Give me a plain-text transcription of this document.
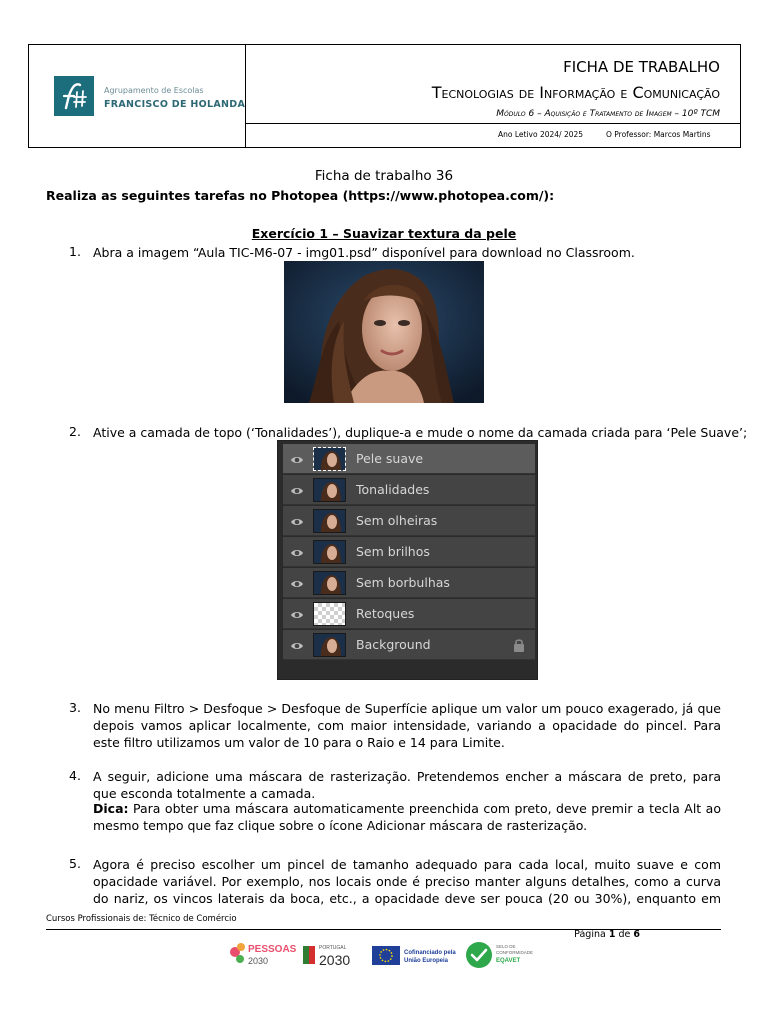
Agrupamento de Escolas
FRANCISCO DE HOLANDA
FICHA DE TRABALHO
Tecnologias de Informação e Comunicação
Módulo 6 – Aquisição e Tratamento de Imagem – 10º TCM
Ano Letivo 2024/ 2025	O Professor: Marcos Martins
Ficha de trabalho 36
Realiza as seguintes tarefas no Photopea (https://www.photopea.com/):
Exercício 1 – Suavizar textura da pele
1. Abra a imagem “Aula TIC-M6-07 - img01.psd” disponível para download no Classroom.
2. Ative a camada de topo (‘Tonalidades’), duplique-a e mude o nome da camada criada para ‘Pele Suave’;
Pele suave
Tonalidades
Sem olheiras
Sem brilhos
Sem borbulhas
Retoques
Background
3. No menu Filtro > Desfoque > Desfoque de Superfície aplique um valor um pouco exagerado, já que depois vamos aplicar localmente, com maior intensidade, variando a opacidade do pincel. Para este filtro utilizamos um valor de 10 para o Raio e 14 para Limite.
4. A seguir, adicione uma máscara de rasterização. Pretendemos encher a máscara de preto, para que esconda totalmente a camada.
Dica: Para obter uma máscara automaticamente preenchida com preto, deve premir a tecla Alt ao mesmo tempo que faz clique sobre o ícone Adicionar máscara de rasterização.
5. Agora é preciso escolher um pincel de tamanho adequado para cada local, muito suave e com opacidade variável. Por exemplo, nos locais onde é preciso manter alguns detalhes, como a curva do nariz, os vincos laterais da boca, etc., a opacidade deve ser pouca (20 ou 30%), enquanto em
Cursos Profissionais de: Técnico de Comércio
Página 1 de 6
PESSOAS
2030
PORTUGAL
2030	Cofinanciado pela
União Europeia
SELO DE
CONFORMIDADE
EQAVET
